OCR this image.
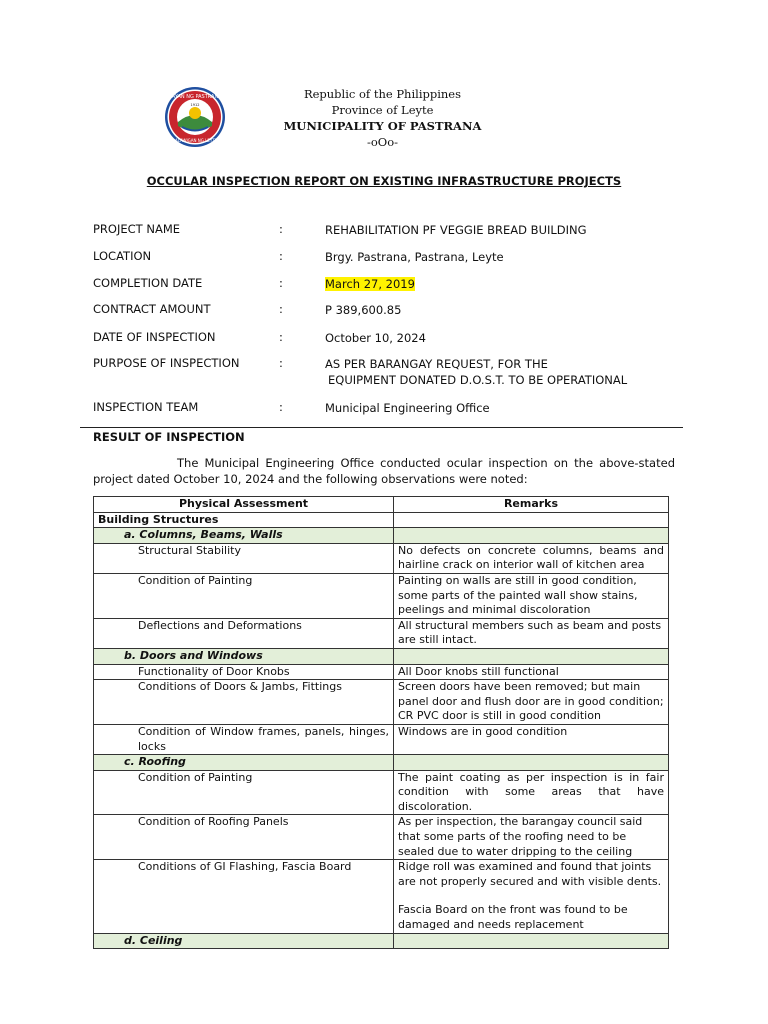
BAYAN NG PASTRANA
1912
LALAWIGAN NG LEYTE
Republic of the Philippines
Province of Leyte
MUNICIPALITY OF PASTRANA
-oOo-
OCCULAR INSPECTION REPORT ON EXISTING INFRASTRUCTURE PROJECTS
PROJECT NAME	:	REHABILITATION PF VEGGIE BREAD BUILDING
LOCATION	:	Brgy. Pastrana, Pastrana, Leyte
COMPLETION DATE	:	March 27, 2019
CONTRACT AMOUNT	:	P 389,600.85
DATE OF INSPECTION	:	October 10, 2024
PURPOSE OF INSPECTION	:	AS PER BARANGAY REQUEST, FOR THE
EQUIPMENT DONATED D.O.S.T. TO BE OPERATIONAL
INSPECTION TEAM	:	Municipal Engineering Office
RESULT OF INSPECTION
The Municipal Engineering Office conducted ocular inspection on the above-stated project dated October 10, 2024 and the following observations were noted:
Physical Assessment	Remarks
Building Structures	
a. Columns, Beams, Walls	

Structural Stability	No defects on concrete columns, beams and hairline crack on interior wall of kitchen area

Condition of Painting	Painting on walls are still in good condition, some parts of the painted wall show stains, peelings and minimal discoloration

Deflections and Deformations	All structural members such as beam and posts are still intact.
b. Doors and Windows	

Functionality of Door Knobs	All Door knobs still functional

Conditions of Doors & Jambs, Fittings	Screen doors have been removed; but main panel door and flush door are in good condition; CR PVC door is still in good condition

Condition of Window frames, panels, hinges, locks	Windows are in good condition
c. Roofing	

Condition of Painting	The paint coating as per inspection is in fair condition with some areas that have discoloration.

Condition of Roofing Panels	As per inspection, the barangay council said that some parts of the roofing need to be sealed due to water dripping to the ceiling

Conditions of GI Flashing, Fascia Board	Ridge roll was examined and found that joints are not properly secured and with visible dents.
Fascia Board on the front was found to be damaged and needs replacement

d. Ceiling	
